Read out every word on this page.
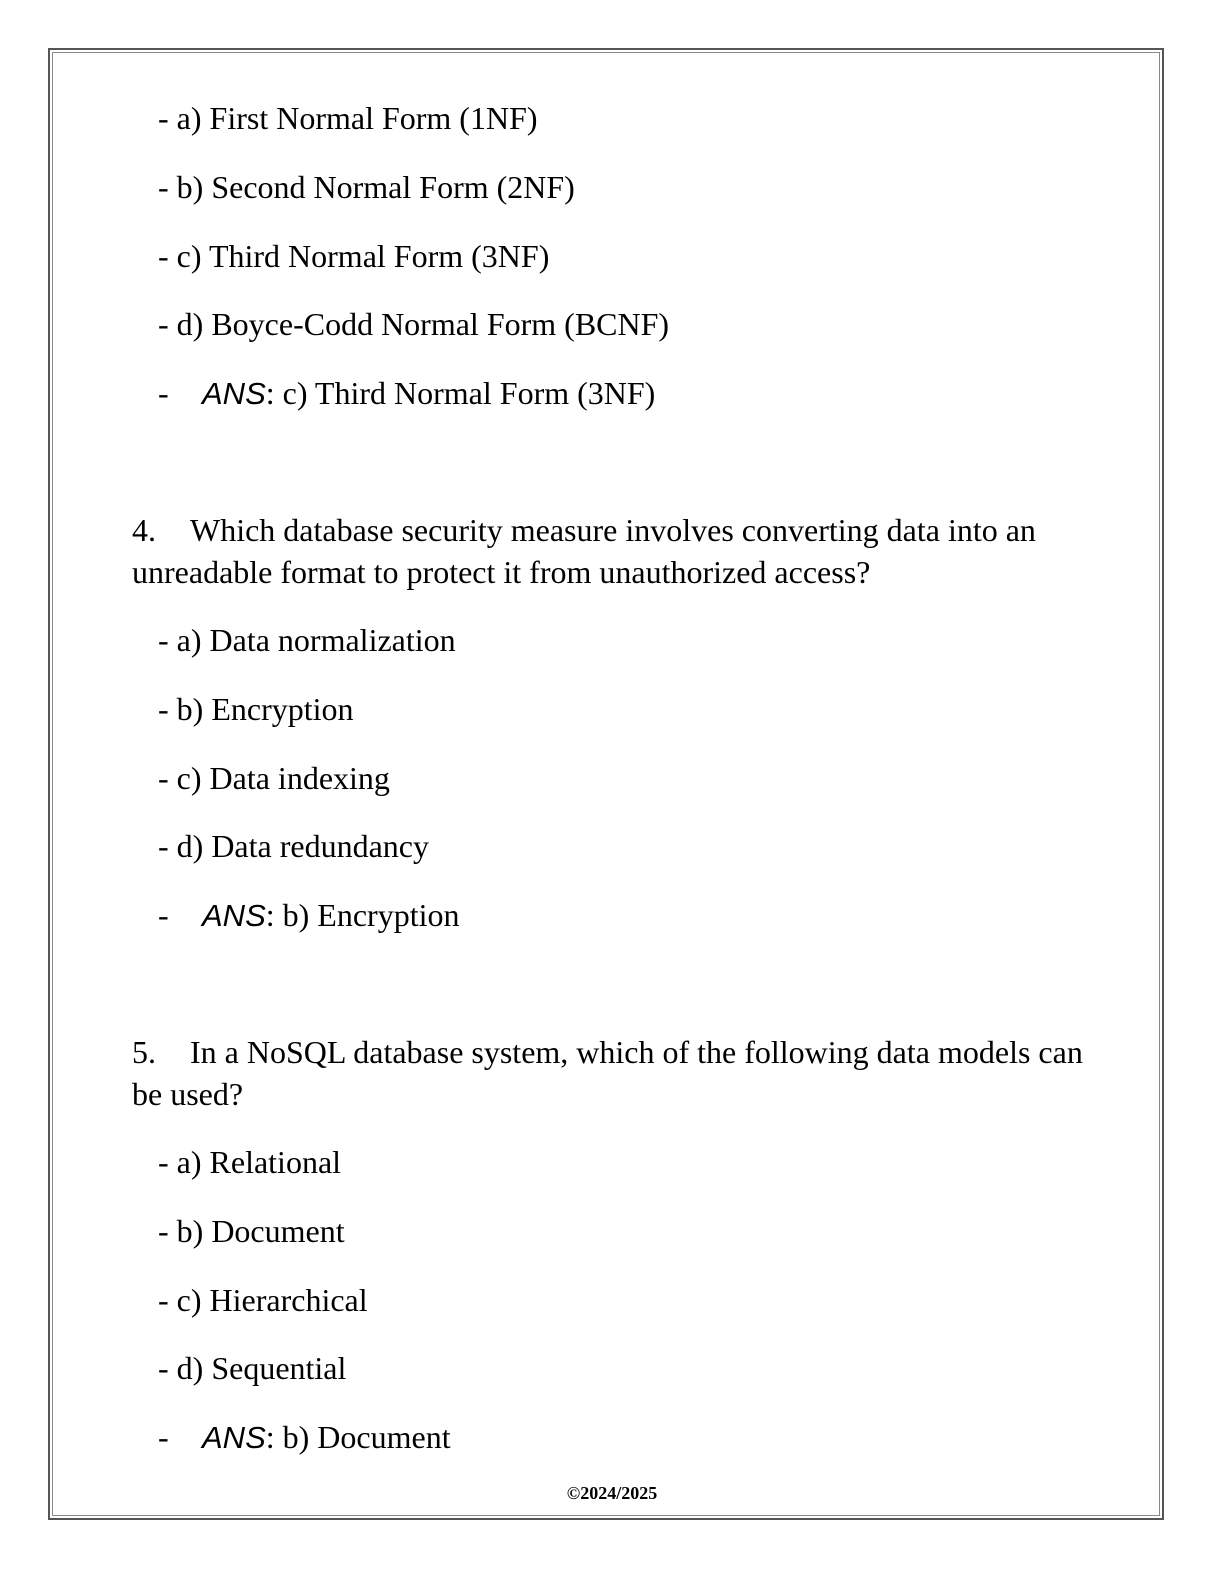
- a) First Normal Form (1NF)
- b) Second Normal Form (2NF)
- c) Third Normal Form (3NF)
- d) Boyce-Codd Normal Form (BCNF)
- ANS: c) Third Normal Form (3NF)
4. Which database security measure involves converting data into an unreadable format to protect it from unauthorized access?
- a) Data normalization
- b) Encryption
- c) Data indexing
- d) Data redundancy
- ANS: b) Encryption
5. In a NoSQL database system, which of the following data models can be used?
- a) Relational
- b) Document
- c) Hierarchical
- d) Sequential
- ANS: b) Document
©2024/2025
